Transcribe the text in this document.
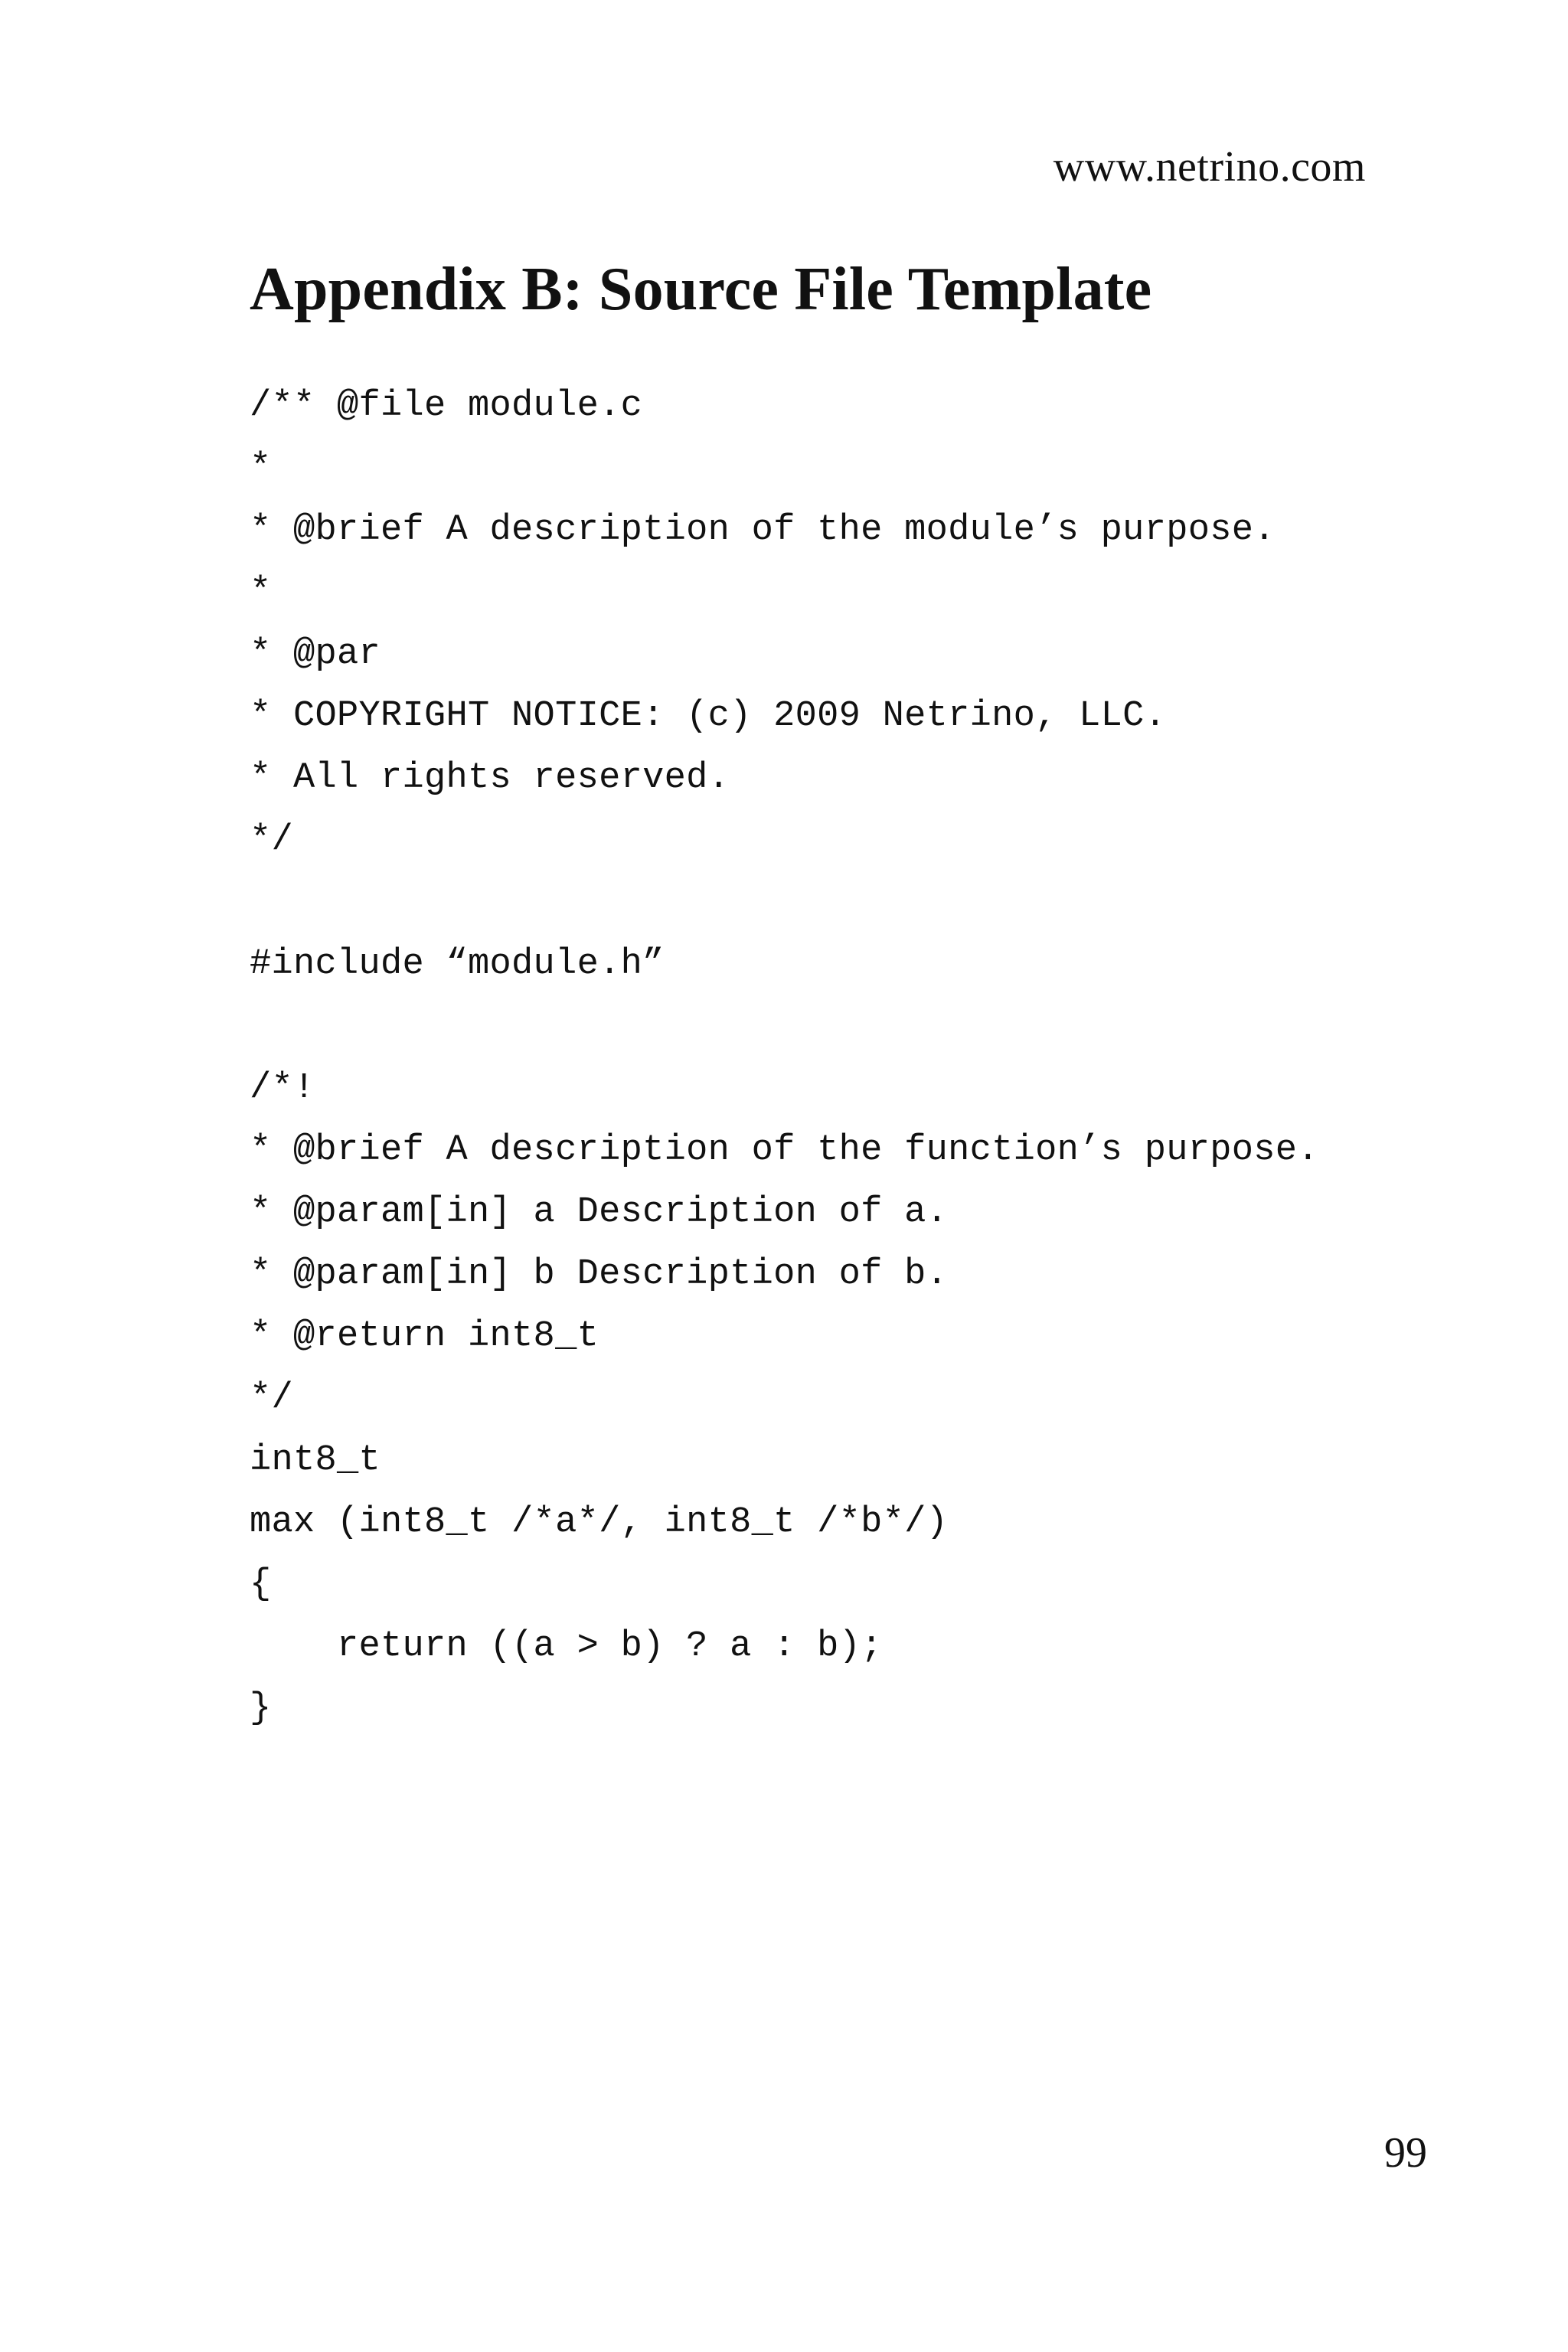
www.netrino.com
Appendix B: Source File Template
/** @file module.c
*
* @brief A description of the module’s purpose.
*
* @par
* COPYRIGHT NOTICE: (c) 2009 Netrino, LLC.
* All rights reserved.
*/
#include “module.h”
/*!
* @brief A description of the function’s purpose.
* @param[in] a Description of a.
* @param[in] b Description of b.
* @return int8_t
*/
int8_t
max (int8_t /*a*/, int8_t /*b*/)
{
return ((a > b) ? a : b);
}
99
